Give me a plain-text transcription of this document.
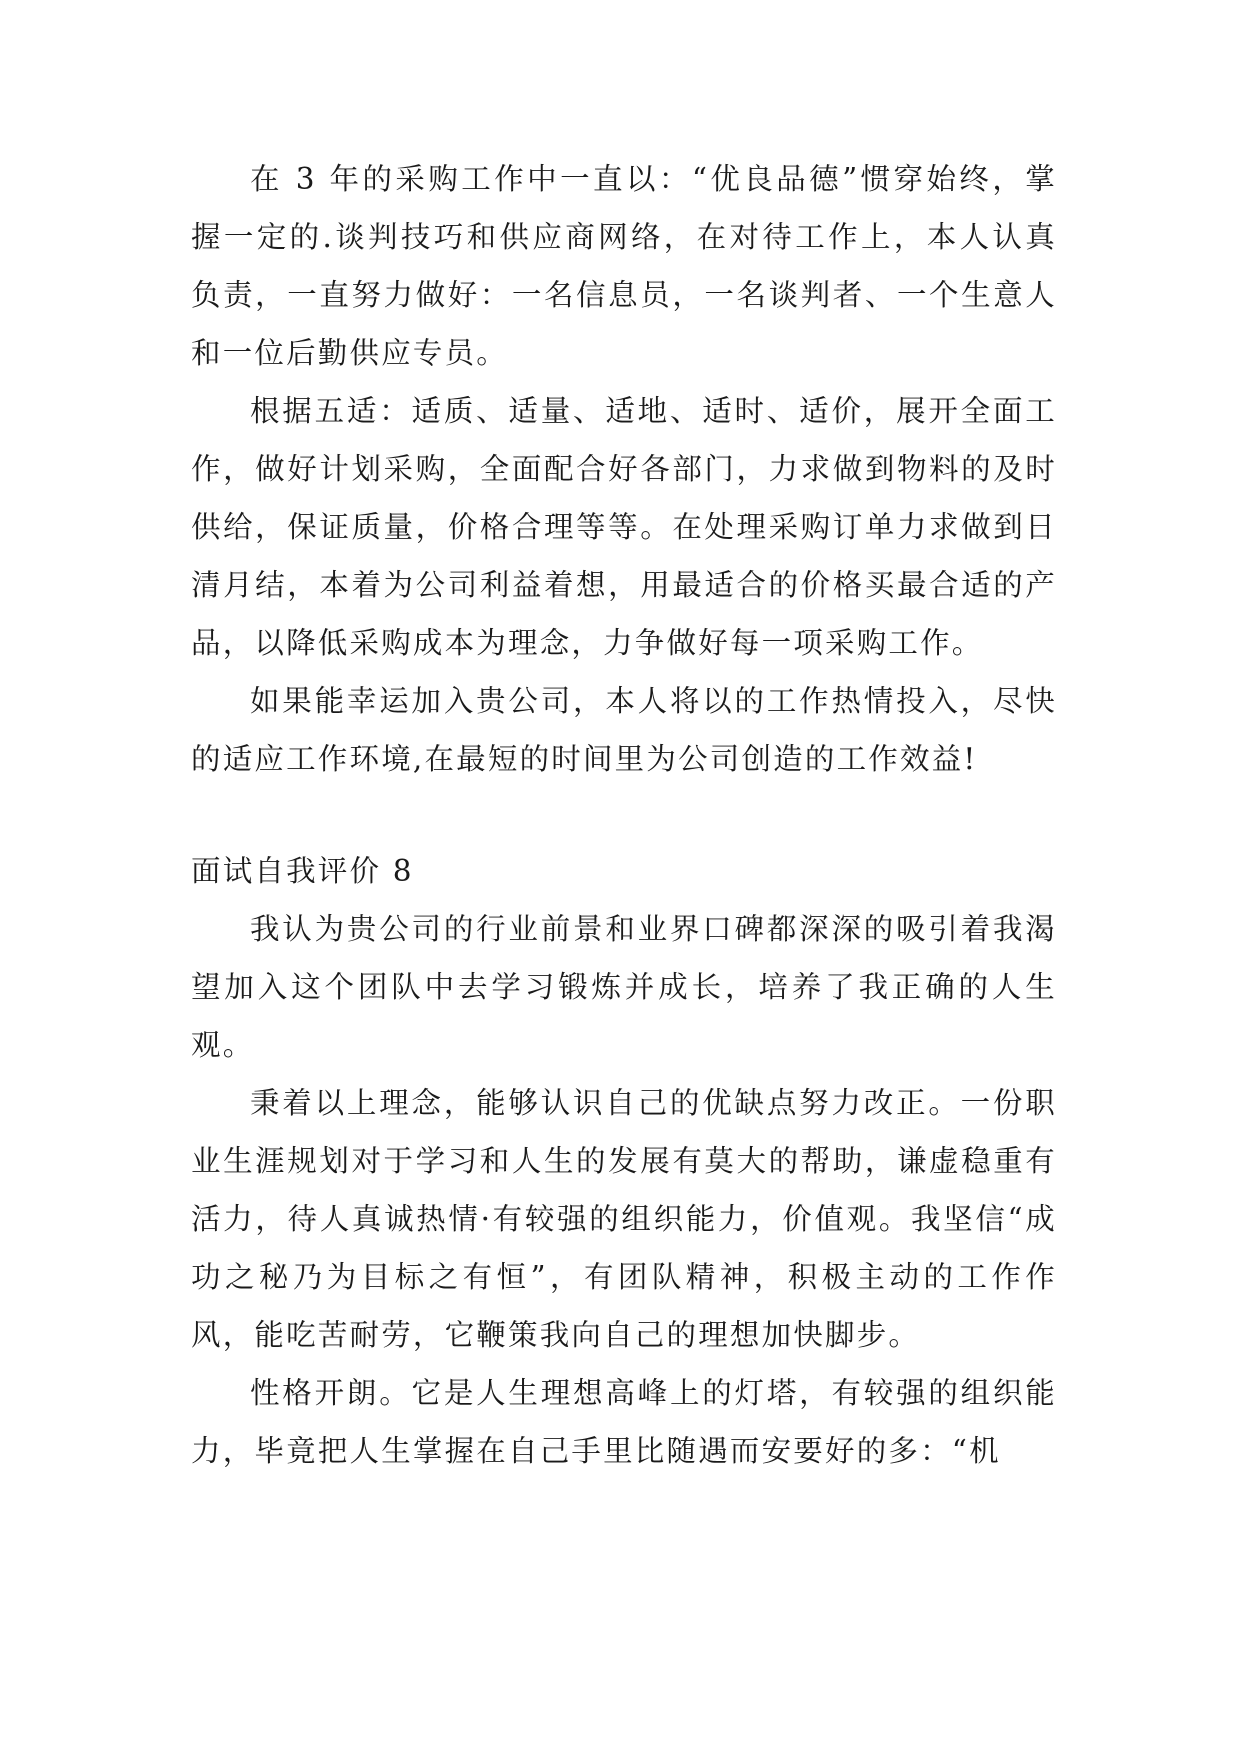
在 3 年的采购工作中一直以：“优良品德”惯穿始终，掌握一定的.谈判技巧和供应商网络，在对待工作上，本人认真负责，一直努力做好：一名信息员，一名谈判者、一个生意人和一位后勤供应专员。

根据五适：适质、适量、适地、适时、适价，展开全面工作，做好计划采购，全面配合好各部门，力求做到物料的及时供给，保证质量，价格合理等等。在处理采购订单力求做到日清月结，本着为公司利益着想，用最适合的价格买最合适的产品，以降低采购成本为理念，力争做好每一项采购工作。

如果能幸运加入贵公司，本人将以的工作热情投入，尽快的适应工作环境,在最短的时间里为公司创造的工作效益!

面试自我评价 8

我认为贵公司的行业前景和业界口碑都深深的吸引着我渴望加入这个团队中去学习锻炼并成长，培养了我正确的人生观。

秉着以上理念，能够认识自己的优缺点努力改正。一份职业生涯规划对于学习和人生的发展有莫大的帮助，谦虚稳重有活力，待人真诚热情·有较强的组织能力，价值观。我坚信“成功之秘乃为目标之有恒”，有团队精神，积极主动的工作作风，能吃苦耐劳，它鞭策我向自己的理想加快脚步。

性格开朗。它是人生理想高峰上的灯塔，有较强的组织能力，毕竟把人生掌握在自己手里比随遇而安要好的多：“机
